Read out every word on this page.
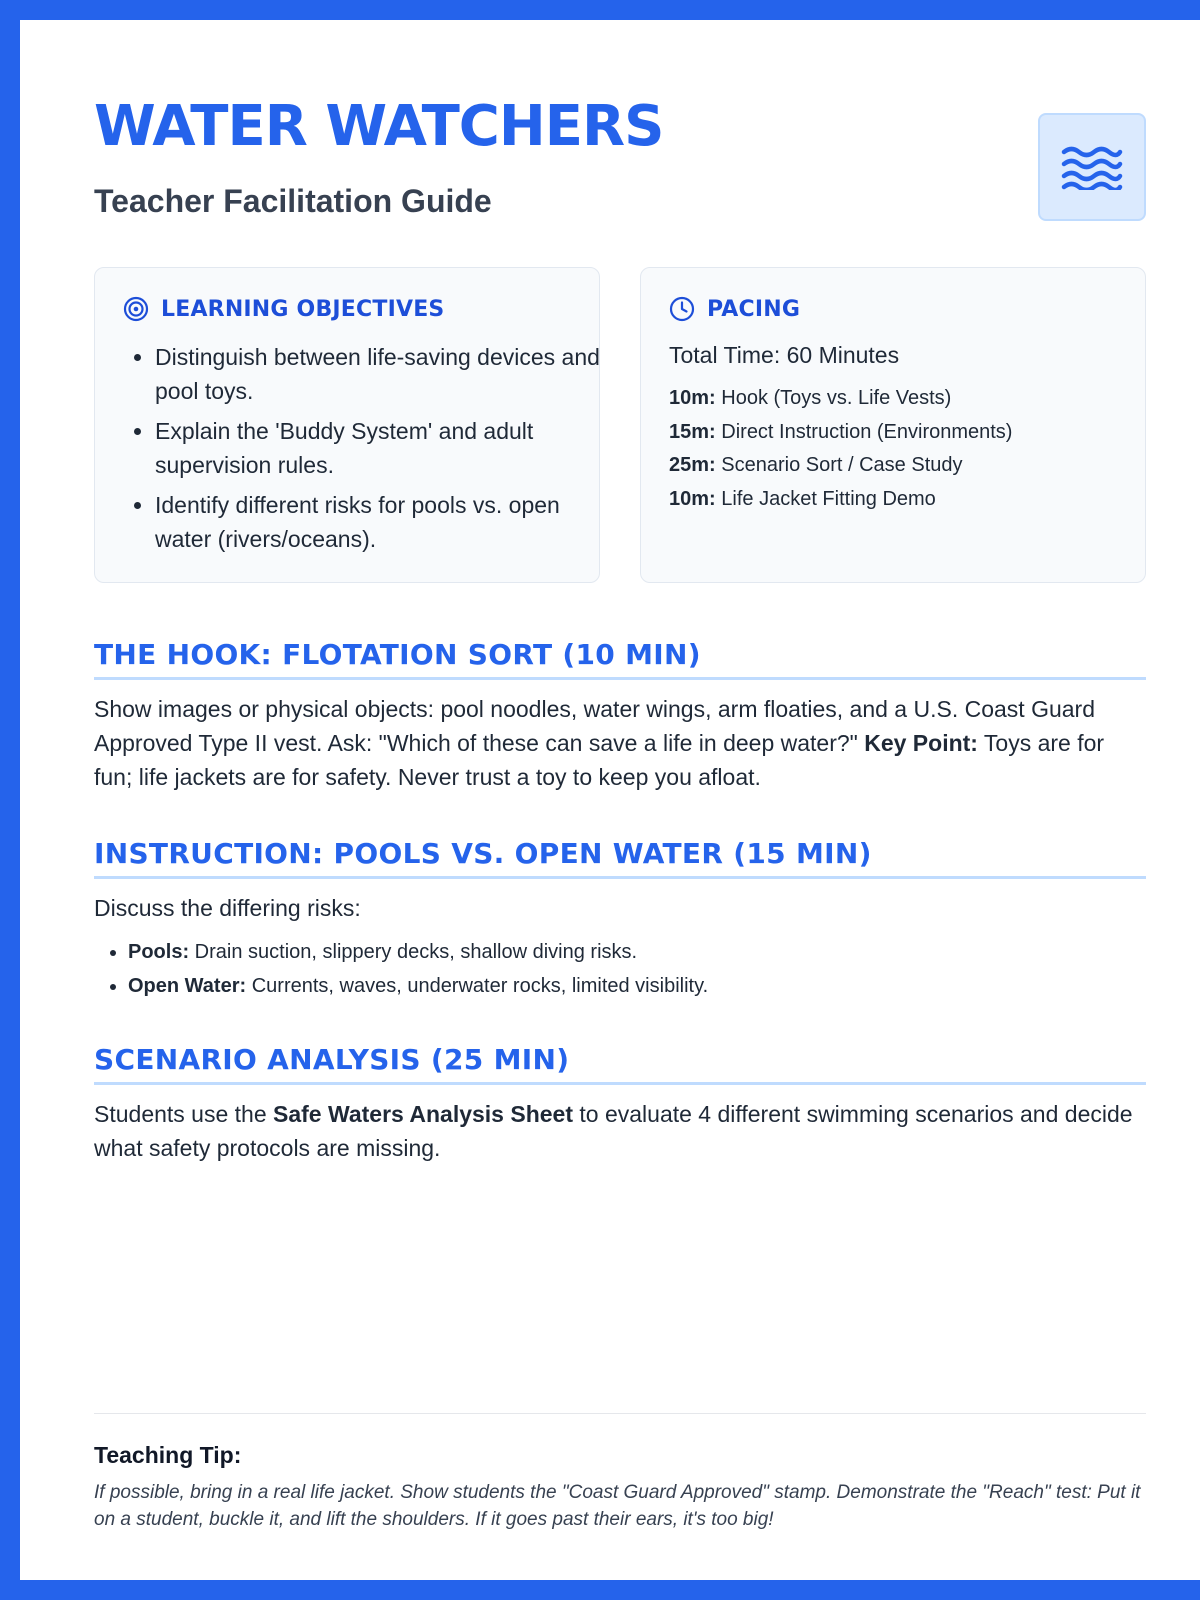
WATER WATCHERS
Teacher Facilitation Guide
LEARNING OBJECTIVES
• Distinguish between life-saving devices and pool toys.
• Explain the 'Buddy System' and adult supervision rules.
• Identify different risks for pools vs. open water (rivers/oceans).
PACING
Total Time: 60 Minutes
10m: Hook (Toys vs. Life Vests)
15m: Direct Instruction (Environments)
25m: Scenario Sort / Case Study
10m: Life Jacket Fitting Demo
THE HOOK: FLOTATION SORT (10 MIN)
Show images or physical objects: pool noodles, water wings, arm floaties, and a U.S. Coast Guard Approved Type II vest. Ask: "Which of these can save a life in deep water?" Key Point: Toys are for fun; life jackets are for safety. Never trust a toy to keep you afloat.
INSTRUCTION: POOLS VS. OPEN WATER (15 MIN)
Discuss the differing risks:
• Pools: Drain suction, slippery decks, shallow diving risks.
• Open Water: Currents, waves, underwater rocks, limited visibility.
SCENARIO ANALYSIS (25 MIN)
Students use the Safe Waters Analysis Sheet to evaluate 4 different swimming scenarios and decide what safety protocols are missing.
Teaching Tip:
If possible, bring in a real life jacket. Show students the "Coast Guard Approved" stamp. Demonstrate the "Reach" test: Put it on a student, buckle it, and lift the shoulders. If it goes past their ears, it's too big!
